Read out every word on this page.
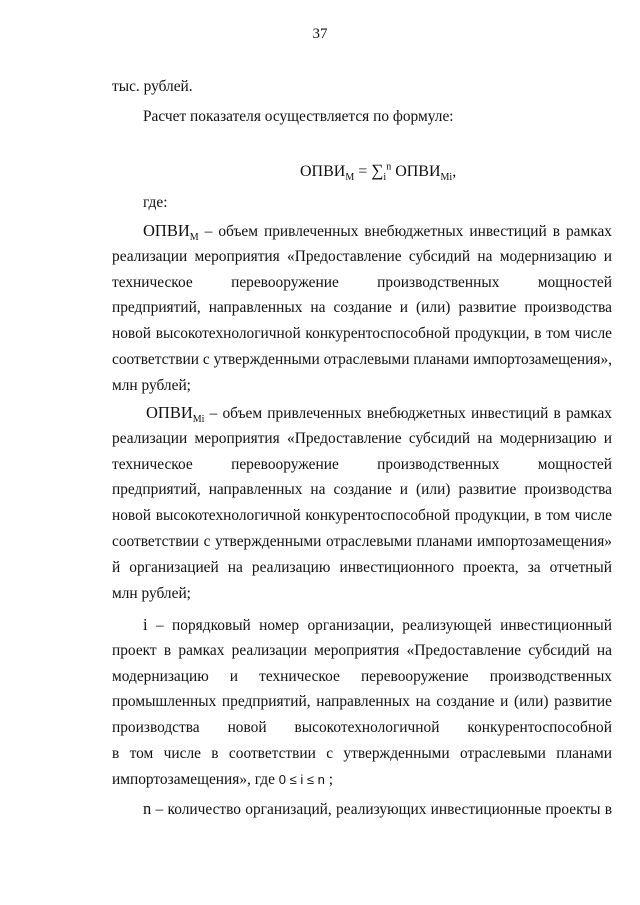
37
тыс. рублей.
Расчет показателя осуществляется по формуле:
$ОПВИ_М = \sum_i^n$ $ОПВИ_{Mi}$,
где:
$ОПВИ_М$ – объем привлеченных внебюджетных инвестиций в рамках
реализации мероприятия «Предоставление субсидий на модернизацию и
техническое перевооружение производственных мощностей
предприятий, направленных на создание и (или) развитие производства
новой высокотехнологичной конкурентоспособной продукции, в том числе
соответствии с утвержденными отраслевыми планами импортозамещения»,
млн рублей;
$ОПВИ_{Mi}$ – объем привлеченных внебюджетных инвестиций в рамках
реализации мероприятия «Предоставление субсидий на модернизацию и
техническое перевооружение производственных мощностей
предприятий, направленных на создание и (или) развитие производства
новой высокотехнологичной конкурентоспособной продукции, в том числе
соответствии с утвержденными отраслевыми планами импортозамещения»
й организацией на реализацию инвестиционного проекта, за отчетный
млн рублей;
i – порядковый номер организации, реализующей инвестиционный
проект в рамках реализации мероприятия «Предоставление субсидий на
модернизацию и техническое перевооружение производственных
промышленных предприятий, направленных на создание и (или) развитие
производства новой высокотехнологичной конкурентоспособной
в том числе в соответствии с утвержденными отраслевыми планами
импортозамещения», где 0 ≤ i ≤ n ;
n – количество организаций, реализующих инвестиционные проекты в
